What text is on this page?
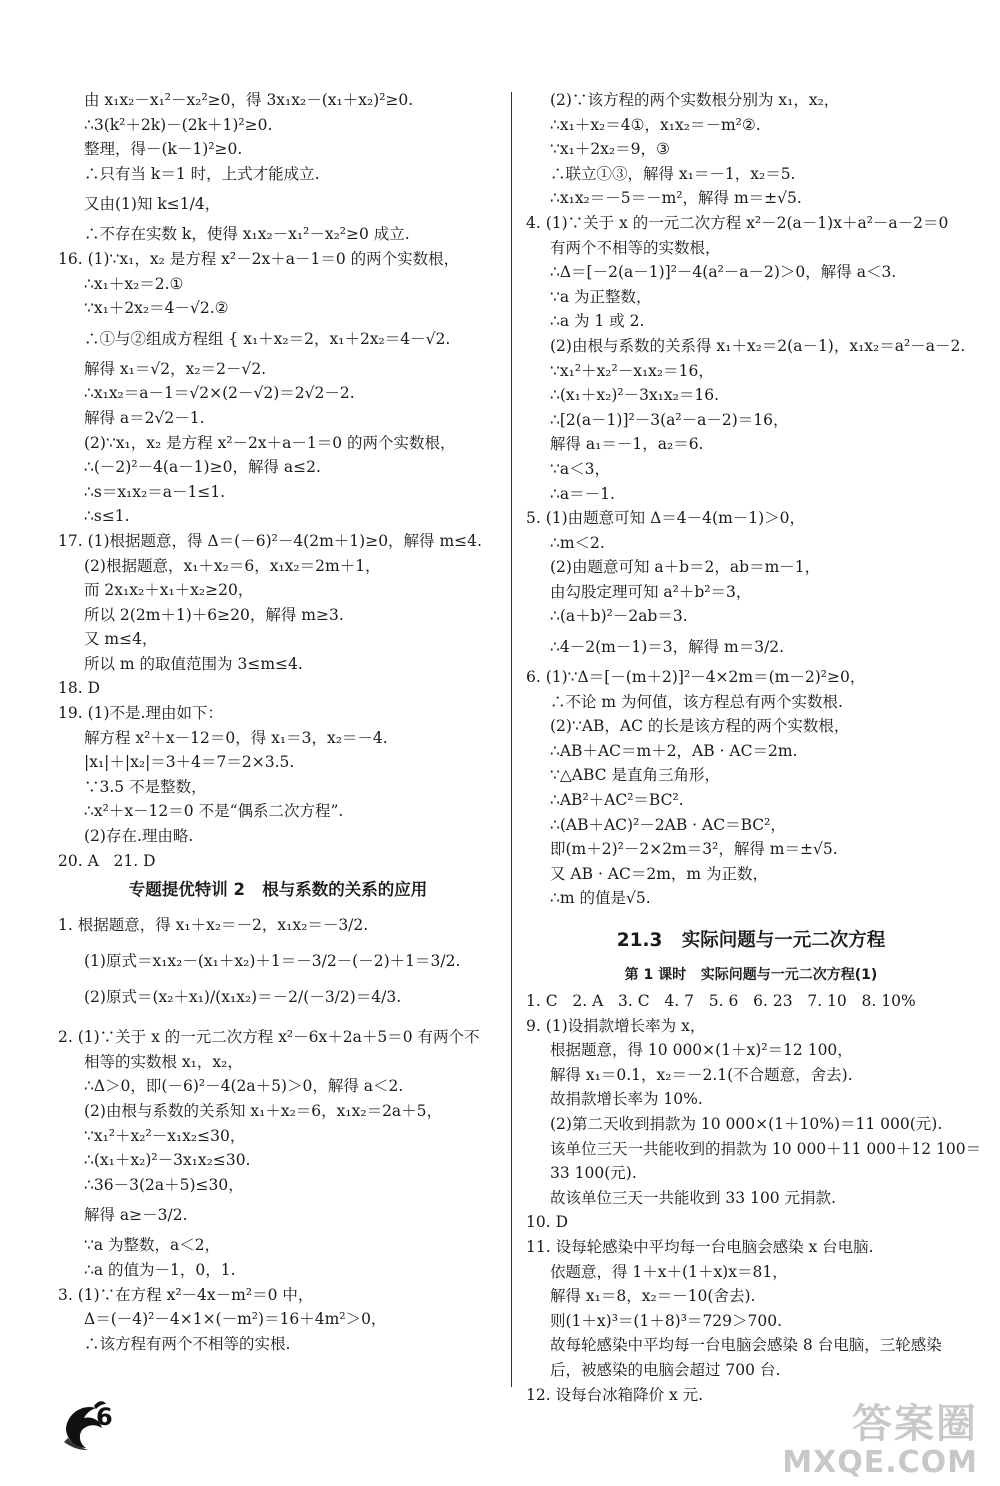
由 x₁x₂－x₁²－x₂²≥0，得 3x₁x₂－(x₁＋x₂)²≥0.
∴3(k²＋2k)－(2k＋1)²≥0.
整理，得－(k－1)²≥0.
∴只有当 k＝1 时，上式才能成立.
又由(1)知 k≤1/4，
∴不存在实数 k，使得 x₁x₂－x₁²－x₂²≥0 成立.
16. (1)∵x₁，x₂ 是方程 x²－2x＋a－1＝0 的两个实数根，
∴x₁＋x₂＝2.①
∵x₁＋2x₂＝4－√2.②
∴①与②组成方程组 { x₁＋x₂＝2，x₁＋2x₂＝4－√2.
解得 x₁＝√2，x₂＝2－√2.
∴x₁x₂＝a－1＝√2×(2－√2)＝2√2－2.
解得 a＝2√2－1.
(2)∵x₁，x₂ 是方程 x²－2x＋a－1＝0 的两个实数根，
∴(－2)²－4(a－1)≥0，解得 a≤2.
∴s＝x₁x₂＝a－1≤1.
∴s≤1.
17. (1)根据题意，得 Δ＝(－6)²－4(2m＋1)≥0，解得 m≤4.
(2)根据题意，x₁＋x₂＝6，x₁x₂＝2m＋1，
而 2x₁x₂＋x₁＋x₂≥20，
所以 2(2m＋1)＋6≥20，解得 m≥3.
又 m≤4，
所以 m 的取值范围为 3≤m≤4.
18. D
19. (1)不是.理由如下：
解方程 x²＋x－12＝0，得 x₁＝3，x₂＝－4.
|x₁|＋|x₂|＝3＋4＝7＝2×3.5.
∵3.5 不是整数，
∴x²＋x－12＝0 不是“偶系二次方程”.
(2)存在.理由略.
20. A   21. D
专题提优特训 2   根与系数的关系的应用
1. 根据题意，得 x₁＋x₂＝－2，x₁x₂＝－3/2.
(1)原式＝x₁x₂－(x₁＋x₂)＋1＝－3/2－(－2)＋1＝3/2.
(2)原式＝(x₂＋x₁)/(x₁x₂)＝－2/(－3/2)＝4/3.
2. (1)∵关于 x 的一元二次方程 x²－6x＋2a＋5＝0 有两个不
相等的实数根 x₁，x₂，
∴Δ＞0，即(－6)²－4(2a＋5)＞0，解得 a＜2.
(2)由根与系数的关系知 x₁＋x₂＝6，x₁x₂＝2a＋5，
∵x₁²＋x₂²－x₁x₂≤30，
∴(x₁＋x₂)²－3x₁x₂≤30.
∴36－3(2a＋5)≤30，
解得 a≥－3/2.
∵a 为整数，a＜2，
∴a 的值为－1，0，1.
3. (1)∵在方程 x²－4x－m²＝0 中，
Δ＝(－4)²－4×1×(－m²)＝16＋4m²＞0，
∴该方程有两个不相等的实根.
(2)∵该方程的两个实数根分别为 x₁，x₂，
∴x₁＋x₂＝4①，x₁x₂＝－m²②.
∵x₁＋2x₂＝9，③
∴联立①③，解得 x₁＝－1，x₂＝5.
∴x₁x₂＝－5＝－m²，解得 m＝±√5.
4. (1)∵关于 x 的一元二次方程 x²－2(a－1)x＋a²－a－2＝0
有两个不相等的实数根，
∴Δ＝[－2(a－1)]²－4(a²－a－2)＞0，解得 a＜3.
∵a 为正整数，
∴a 为 1 或 2.
(2)由根与系数的关系得 x₁＋x₂＝2(a－1)，x₁x₂＝a²－a－2.
∵x₁²＋x₂²－x₁x₂＝16，
∴(x₁＋x₂)²－3x₁x₂＝16.
∴[2(a－1)]²－3(a²－a－2)＝16，
解得 a₁＝－1，a₂＝6.
∵a＜3，
∴a＝－1.
5. (1)由题意可知 Δ＝4－4(m－1)＞0，
∴m＜2.
(2)由题意可知 a＋b＝2，ab＝m－1，
由勾股定理可知 a²＋b²＝3，
∴(a＋b)²－2ab＝3.
∴4－2(m－1)＝3，解得 m＝3/2.
6. (1)∵Δ＝[－(m＋2)]²－4×2m＝(m－2)²≥0，
∴不论 m 为何值，该方程总有两个实数根.
(2)∵AB，AC 的长是该方程的两个实数根，
∴AB＋AC＝m＋2，AB · AC＝2m.
∵△ABC 是直角三角形，
∴AB²＋AC²＝BC².
∴(AB＋AC)²－2AB · AC＝BC²，
即(m＋2)²－2×2m＝3²，解得 m＝±√5.
又 AB · AC＝2m，m 为正数，
∴m 的值是√5.
21.3   实际问题与一元二次方程
第 1 课时   实际问题与一元二次方程(1)
1. C   2. A   3. C   4. 7   5. 6   6. 23   7. 10   8. 10%
9. (1)设捐款增长率为 x，
根据题意，得 10 000×(1＋x)²＝12 100，
解得 x₁＝0.1，x₂＝－2.1(不合题意，舍去).
故捐款增长率为 10%.
(2)第二天收到捐款为 10 000×(1＋10%)＝11 000(元).
该单位三天一共能收到的捐款为 10 000＋11 000＋12 100＝
33 100(元).
故该单位三天一共能收到 33 100 元捐款.
10. D
11. 设每轮感染中平均每一台电脑会感染 x 台电脑.
依题意，得 1＋x＋(1＋x)x＝81，
解得 x₁＝8，x₂＝－10(舍去).
则(1＋x)³＝(1＋8)³＝729＞700.
故每轮感染中平均每一台电脑会感染 8 台电脑，三轮感染
后，被感染的电脑会超过 700 台.
12. 设每台冰箱降价 x 元.
6	答案圈
MXQE.COM
